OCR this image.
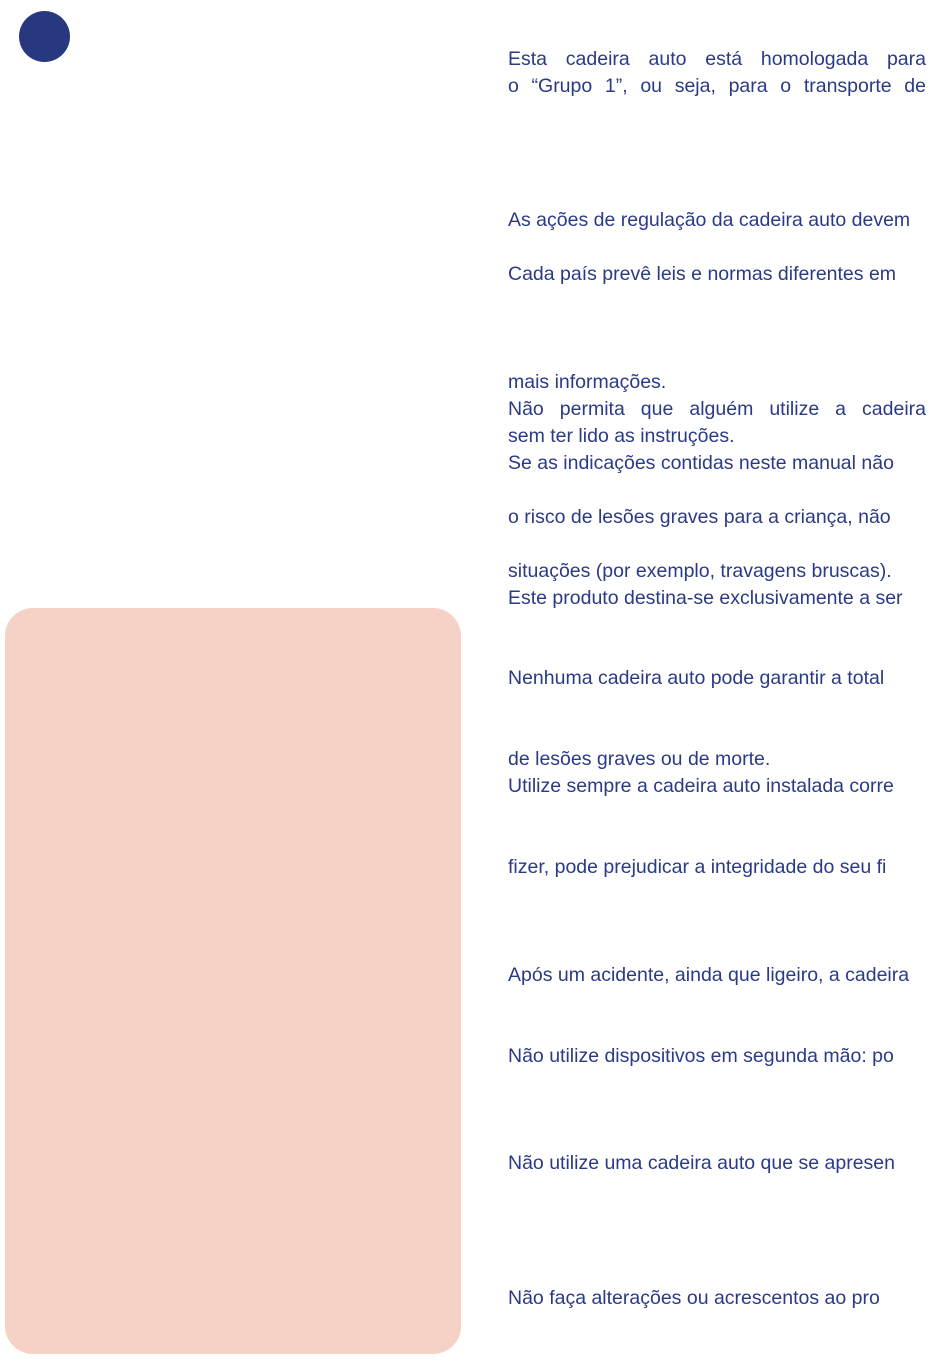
• Esta cadeira auto está homologada para
o “Grupo 1”, ou seja, para o transporte de
• As ações de regulação da cadeira auto devem
• Cada país prevê leis e normas diferentes em
mais informações.
• Não permita que alguém utilize a cadeira
sem ter lido as instruções.
• Se as indicações contidas neste manual não
o risco de lesões graves para a criança, não
situações (por exemplo, travagens bruscas).
• Este produto destina-se exclusivamente a ser
• Nenhuma cadeira auto pode garantir a total
de lesões graves ou de morte.
• Utilize sempre a cadeira auto instalada corre
fizer, pode prejudicar a integridade do seu fi
• Após um acidente, ainda que ligeiro, a cadeira
• Não utilize dispositivos em segunda mão: po
• Não utilize uma cadeira auto que se apresen
• Não faça alterações ou acrescentos ao pro
